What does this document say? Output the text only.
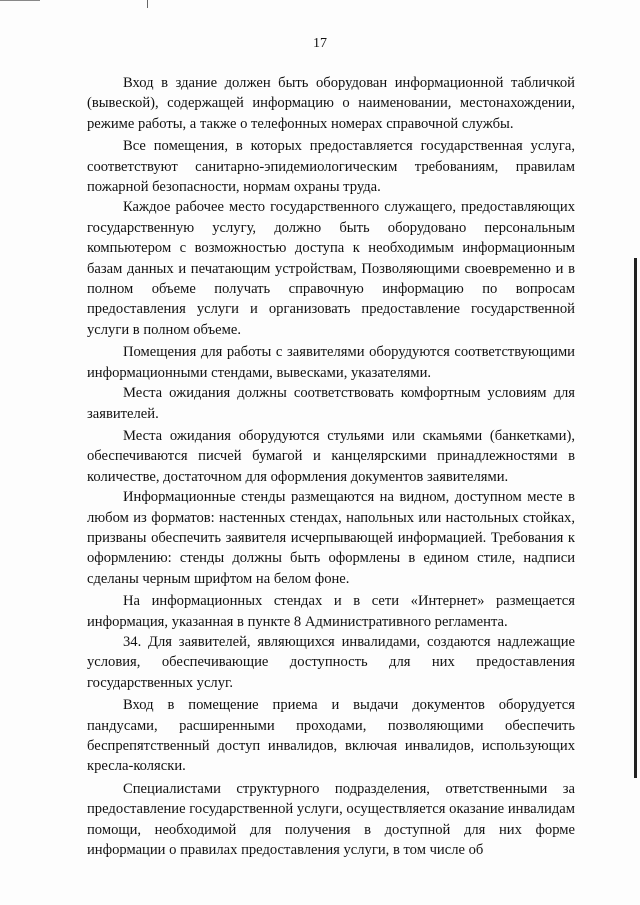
17

Вход в здание должен быть оборудован информационной табличкой (вывеской), содержащей информацию о наименовании, местонахождении, режиме работы, а также о телефонных номерах справочной службы.

Все помещения, в которых предоставляется государственная услуга, соответствуют санитарно-эпидемиологическим требованиям, правилам пожарной безопасности, нормам охраны труда.

Каждое рабочее место государственного служащего, предоставляющих государственную услугу, должно быть оборудовано персональным компьютером с возможностью доступа к необходимым информационным базам данных и печатающим устройствам, Позволяющими своевременно и в полном объеме получать справочную информацию по вопросам предоставления услуги и организовать предоставление государственной услуги в полном объеме.

Помещения для работы с заявителями оборудуются соответствующими информационными стендами, вывесками, указателями.

Места ожидания должны соответствовать комфортным условиям для заявителей.

Места ожидания оборудуются стульями или скамьями (банкетками), обеспечиваются писчей бумагой и канцелярскими принадлежностями в количестве, достаточном для оформления документов заявителями.

Информационные стенды размещаются на видном, доступном месте в любом из форматов: настенных стендах, напольных или настольных стойках, призваны обеспечить заявителя исчерпывающей информацией. Требования к оформлению: стенды должны быть оформлены в едином стиле, надписи сделаны черным шрифтом на белом фоне.

На информационных стендах и в сети «Интернет» размещается информация, указанная в пункте 8 Административного регламента.

34. Для заявителей, являющихся инвалидами, создаются надлежащие условия, обеспечивающие доступность для них предоставления государственных услуг.

Вход в помещение приема и выдачи документов оборудуется пандусами, расширенными проходами, позволяющими обеспечить беспрепятственный доступ инвалидов, включая инвалидов, использующих кресла-коляски.

Специалистами структурного подразделения, ответственными за предоставление государственной услуги, осуществляется оказание инвалидам помощи, необходимой для получения в доступной для них форме информации о правилах предоставления услуги, в том числе об
